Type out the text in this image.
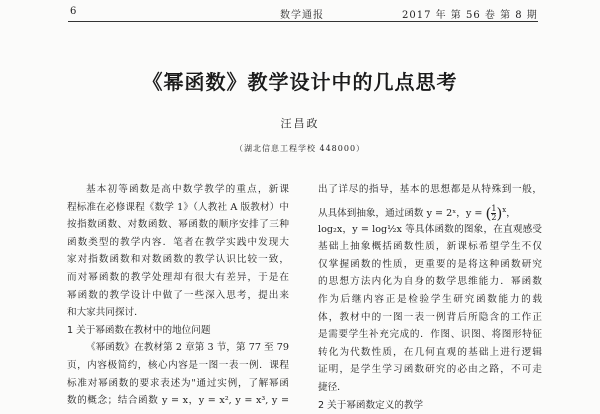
6	数学通报	2017 年 第 56 卷 第 8 期
《幂函数》教学设计中的几点思考
汪昌政
（湖北信息工程学校 448000）
基本初等函数是高中数学教学的重点，新课
程标准在必修课程《数学 1》（人教社 A 版教材）中
按指数函数、对数函数、幂函数的顺序安排了三种
函数类型的教学内容．笔者在教学实践中发现大
家对指数函数和对数函数的教学认识比较一致，
而对幂函数的教学处理却有很大有差异，于是在
幂函数的教学设计中做了一些深入思考，提出来
和大家共同探讨．
1 关于幂函数在教材中的地位问题
《幂函数》在教材第 2 章第 3 节，第 77 至 79
页，内容极简约，核心内容是一图一表一例．课程
标准对幂函数的要求表述为"通过实例，了解幂函
数的概念；结合函数 y = x，y = x², y = x³, y =
出了详尽的指导，基本的思想都是从特殊到一般，
从具体到抽象，通过函数 y = 2ˣ，y = ( $\frac{1}{2} )^x$，
log₂x，y = log½x 等具体函数的图象，在直观感受
基础上抽象概括函数性质，新课标希望学生不仅
仅掌握函数的性质，更重要的是将这种函数研究
的思想方法内化为自身的数学思维能力．幂函数
作为后继内容正是检验学生研究函数能力的载
体，教材中的一图一表一例背后所隐含的工作正
是需要学生补充完成的．作图、识图、将图形特征
转化为代数性质，在几何直观的基础上进行逻辑
证明，是学生学习函数研究的必由之路，不可走
捷径．
2 关于幂函数定义的教学
